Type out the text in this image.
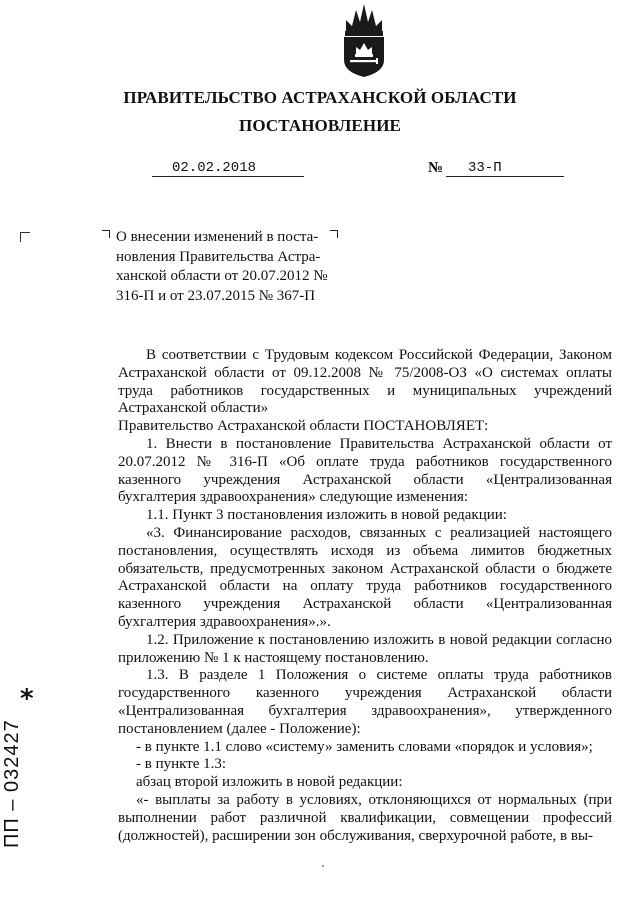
ПРАВИТЕЛЬСТВО АСТРАХАНСКОЙ ОБЛАСТИ
ПОСТАНОВЛЕНИЕ
02.02.2018	№ 33-П
О внесении изменений в поста-
новления Правительства Астра-
ханской области от 20.07.2012 №
316-П и от 23.07.2015 № 367-П

В соответствии с Трудовым кодексом Российской Федерации, Законом Астраханской области от 09.12.2008 № 75/2008-ОЗ «О системах оплаты труда работников государственных и муниципальных учреждений Астраханской области»

Правительство Астраханской области ПОСТАНОВЛЯЕТ:

1. Внести в постановление Правительства Астраханской области от 20.07.2012 № 316-П «Об оплате труда работников государственного казенного учреждения Астраханской области «Централизованная бухгалтерия здравоохранения» следующие изменения:

1.1. Пункт 3 постановления изложить в новой редакции:

«3. Финансирование расходов, связанных с реализацией настоящего постановления, осуществлять исходя из объема лимитов бюджетных обязательств, предусмотренных законом Астраханской области о бюджете Астраханской области на оплату труда работников государственного казенного учреждения Астраханской области «Централизованная бухгалтерия здравоохранения».».

1.2. Приложение к постановлению изложить в новой редакции согласно приложению № 1 к настоящему постановлению.

1.3. В разделе 1 Положения о системе оплаты труда работников государственного казенного учреждения Астраханской области «Централизованная бухгалтерия здравоохранения», утвержденного постановлением (далее - Положение):

- в пункте 1.1 слово «систему» заменить словами «порядок и условия»;

- в пункте 1.3:

абзац второй изложить в новой редакции:

«- выплаты за работу в условиях, отклоняющихся от нормальных (при выполнении работ различной квалификации, совмещении профессий (должностей), расширении зон обслуживания, сверхурочной работе, в вы-

*
ПП – 032427
